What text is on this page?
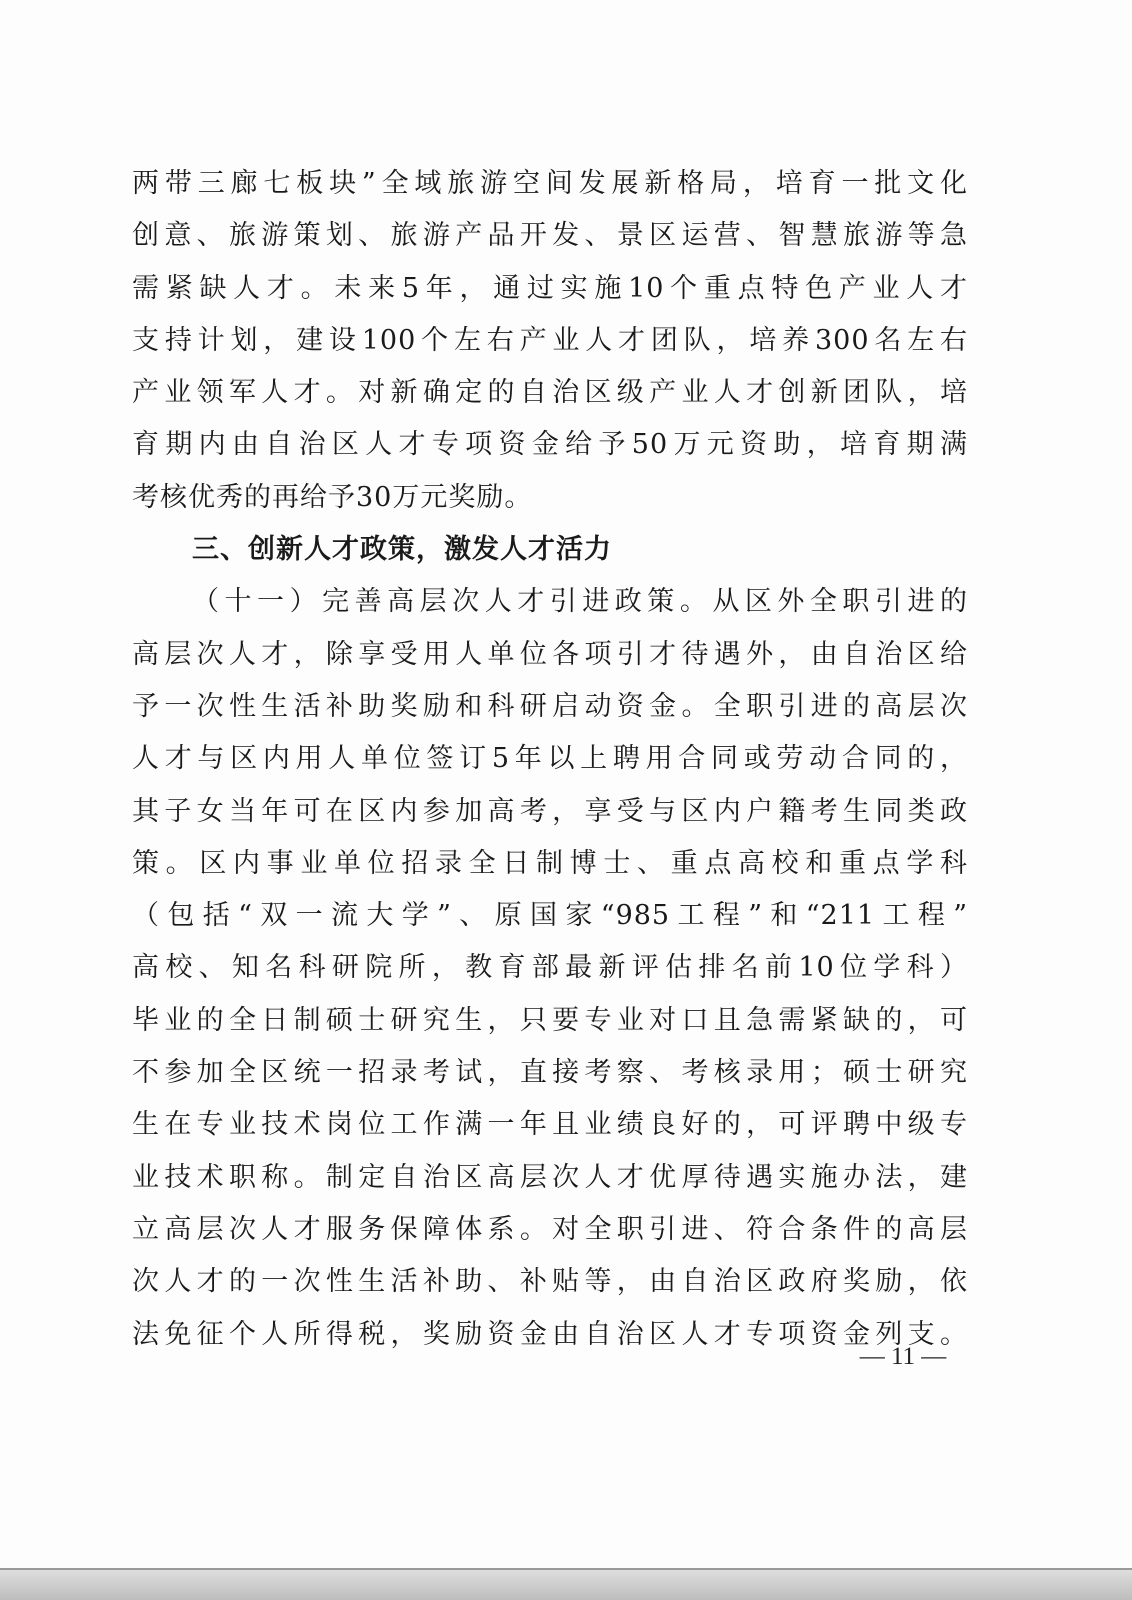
两带三廊七板块”全域旅游空间发展新格局，培育一批文化
创意、旅游策划、旅游产品开发、景区运营、智慧旅游等急
需紧缺人才。未来5年，通过实施10个重点特色产业人才
支持计划，建设100个左右产业人才团队，培养300名左右
产业领军人才。对新确定的自治区级产业人才创新团队，培
育期内由自治区人才专项资金给予50万元资助，培育期满
考核优秀的再给予30万元奖励。
三、创新人才政策，激发人才活力
（十一）完善高层次人才引进政策。从区外全职引进的
高层次人才，除享受用人单位各项引才待遇外，由自治区给
予一次性生活补助奖励和科研启动资金。全职引进的高层次
人才与区内用人单位签订5年以上聘用合同或劳动合同的，
其子女当年可在区内参加高考，享受与区内户籍考生同类政
策。区内事业单位招录全日制博士、重点高校和重点学科
（包括“双一流大学”、原国家“985工程”和“211工程”
高校、知名科研院所，教育部最新评估排名前10位学科）
毕业的全日制硕士研究生，只要专业对口且急需紧缺的，可
不参加全区统一招录考试，直接考察、考核录用；硕士研究
生在专业技术岗位工作满一年且业绩良好的，可评聘中级专
业技术职称。制定自治区高层次人才优厚待遇实施办法，建
立高层次人才服务保障体系。对全职引进、符合条件的高层
次人才的一次性生活补助、补贴等，由自治区政府奖励，依
法免征个人所得税，奖励资金由自治区人才专项资金列支。
— 11 —
